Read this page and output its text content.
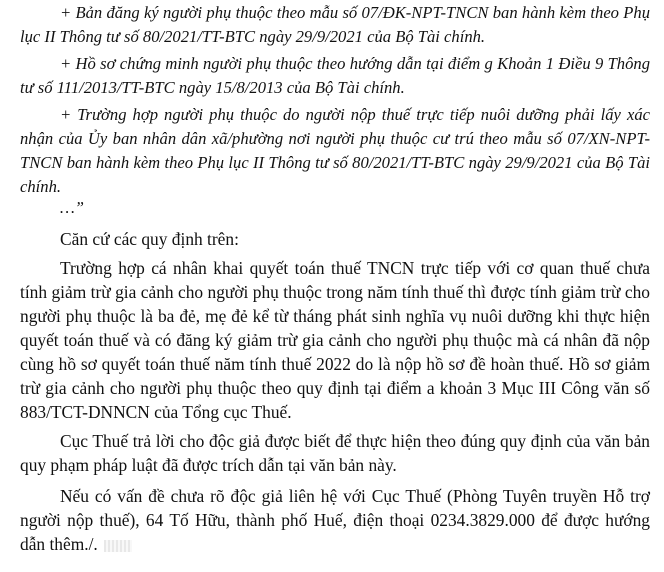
+ Bản đăng ký người phụ thuộc theo mẫu số 07/ĐK-NPT-TNCN ban hành kèm theo Phụ lục II Thông tư số 80/2021/TT-BTC ngày 29/9/2021 của Bộ Tài chính.

+ Hồ sơ chứng minh người phụ thuộc theo hướng dẫn tại điểm g Khoản 1 Điều 9 Thông tư số 111/2013/TT-BTC ngày 15/8/2013 của Bộ Tài chính.

+ Trường hợp người phụ thuộc do người nộp thuế trực tiếp nuôi dưỡng phải lấy xác nhận của Ủy ban nhân dân xã/phường nơi người phụ thuộc cư trú theo mẫu số 07/XN-NPT-TNCN ban hành kèm theo Phụ lục II Thông tư số 80/2021/TT-BTC ngày 29/9/2021 của Bộ Tài chính.

…”

Căn cứ các quy định trên:

Trường hợp cá nhân khai quyết toán thuế TNCN trực tiếp với cơ quan thuế chưa tính giảm trừ gia cảnh cho người phụ thuộc trong năm tính thuế thì được tính giảm trừ cho người phụ thuộc là ba đẻ, mẹ đẻ kể từ tháng phát sinh nghĩa vụ nuôi dưỡng khi thực hiện quyết toán thuế và có đăng ký giảm trừ gia cảnh cho người phụ thuộc mà cá nhân đã nộp cùng hồ sơ quyết toán thuế năm tính thuế 2022 do là nộp hồ sơ đề hoàn thuế. Hồ sơ giảm trừ gia cảnh cho người phụ thuộc theo quy định tại điểm a khoản 3 Mục III Công văn số 883/TCT-DNNCN của Tổng cục Thuế.

Cục Thuế trả lời cho độc giả được biết để thực hiện theo đúng quy định của văn bản quy phạm pháp luật đã được trích dẫn tại văn bản này.

Nếu có vấn đề chưa rõ độc giả liên hệ với Cục Thuế (Phòng Tuyên truyền Hỗ trợ người nộp thuế), 64 Tố Hữu, thành phố Huế, điện thoại 0234.3829.000 để được hướng dẫn thêm./.
